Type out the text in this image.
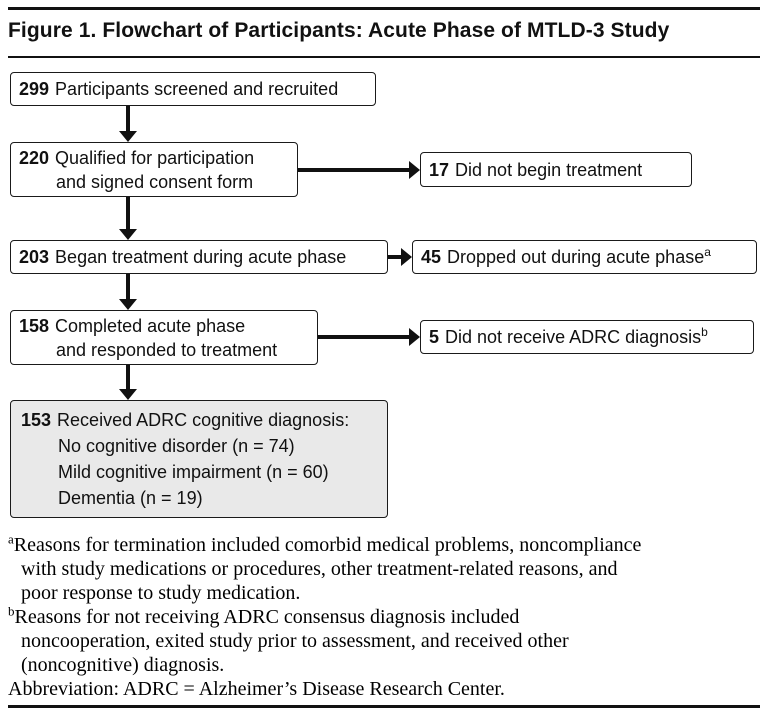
Figure 1. Flowchart of Participants: Acute Phase of MTLD-3 Study
299 Participants screened and recruited
220 Qualified for participation
and signed consent form
17 Did not begin treatment
203 Began treatment during acute phase	45 Dropped out during acute phase$^a$
158 Completed acute phase
and responded to treatment
5 Did not receive ADRC diagnosis$^b$
153 Received ADRC cognitive diagnosis:
No cognitive disorder (n = 74)
Mild cognitive impairment (n = 60)
Dementia (n = 19)
$^a$Reasons for termination included comorbid medical problems, noncompliance
with study medications or procedures, other treatment-related reasons, and
poor response to study medication.
$^b$Reasons for not receiving ADRC consensus diagnosis included
noncooperation, exited study prior to assessment, and received other
(noncognitive) diagnosis.
Abbreviation: ADRC = Alzheimer’s Disease Research Center.
